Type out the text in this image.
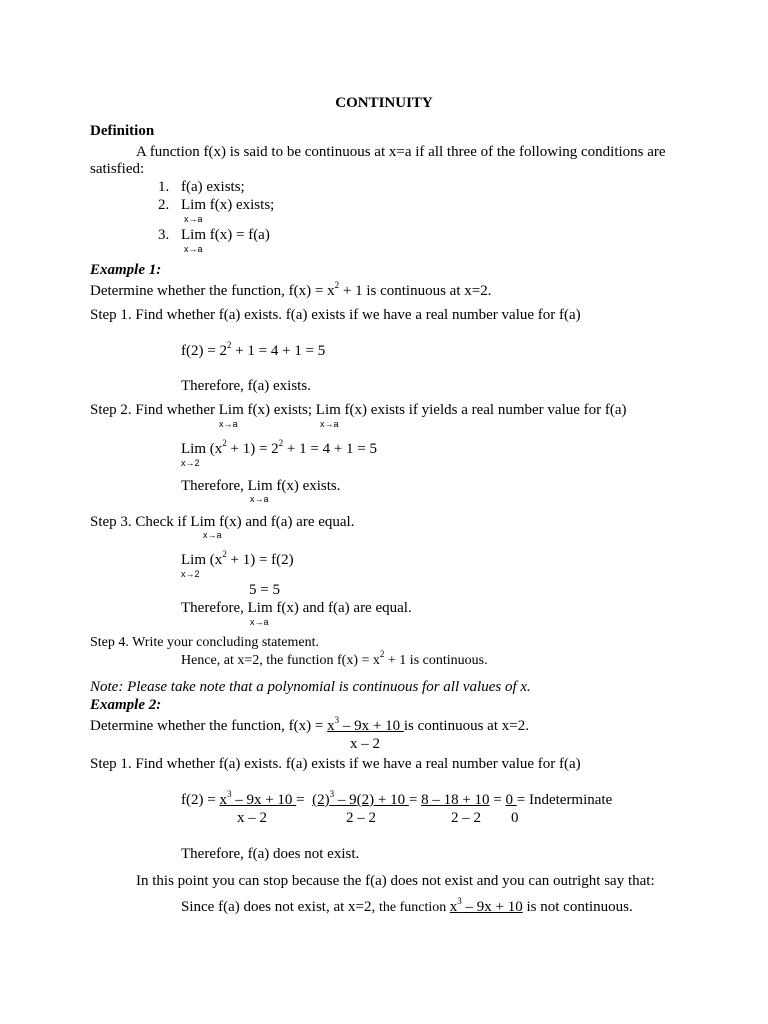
CONTINUITY
Definition
A function f(x) is said to be continuous at x=a if all three of the following conditions are
satisfied:
1. f(a) exists;
2. Lim f(x) exists;
x→a
3. Lim f(x) = f(a)
x→a
Example 1:
Determine whether the function, $f(x) = x^2 + 1$ is continuous at x=2.
Step 1. Find whether f(a) exists. f(a) exists if we have a real number value for f(a)
$f(2) = 2^2 + 1 = 4 + 1 = 5$
Therefore, f(a) exists.
Step 2. Find whether Lim f(x) exists; Lim f(x) exists if yields a real number value for f(a)
x→a	x→a
Lim $(x^2 + 1) = 2^2 + 1 = 4 + 1 = 5$
x→2
Therefore, Lim f(x) exists.
x→a
Step 3. Check if Lim f(x) and f(a) are equal.
x→a
Lim $(x^2 + 1) = f(2)$
x→2
5 = 5
Therefore, Lim f(x) and f(a) are equal.
x→a
Step 4. Write your concluding statement.
Hence, at x=2, the function $f(x) = x^2 + 1$ is continuous.
Note: Please take note that a polynomial is continuous for all values of x.
Example 2:
Determine whether the function, $f(x) = x^3 - 9x + 10$ is continuous at x=2.
x – 2
Step 1. Find whether f(a) exists. f(a) exists if we have a real number value for f(a)
$f(2) = x^3 - 9x + 10 = (2)^3 - 9(2) + 10 = 8 - 18 + 10 = 0$ = Indeterminate
x – 2	2 – 2	2 – 2 0
Therefore, f(a) does not exist.
In this point you can stop because the f(a) does not exist and you can outright say that:
Since f(a) does not exist, at x=2, the function $x^3 - 9x + 10$ is not continuous.
